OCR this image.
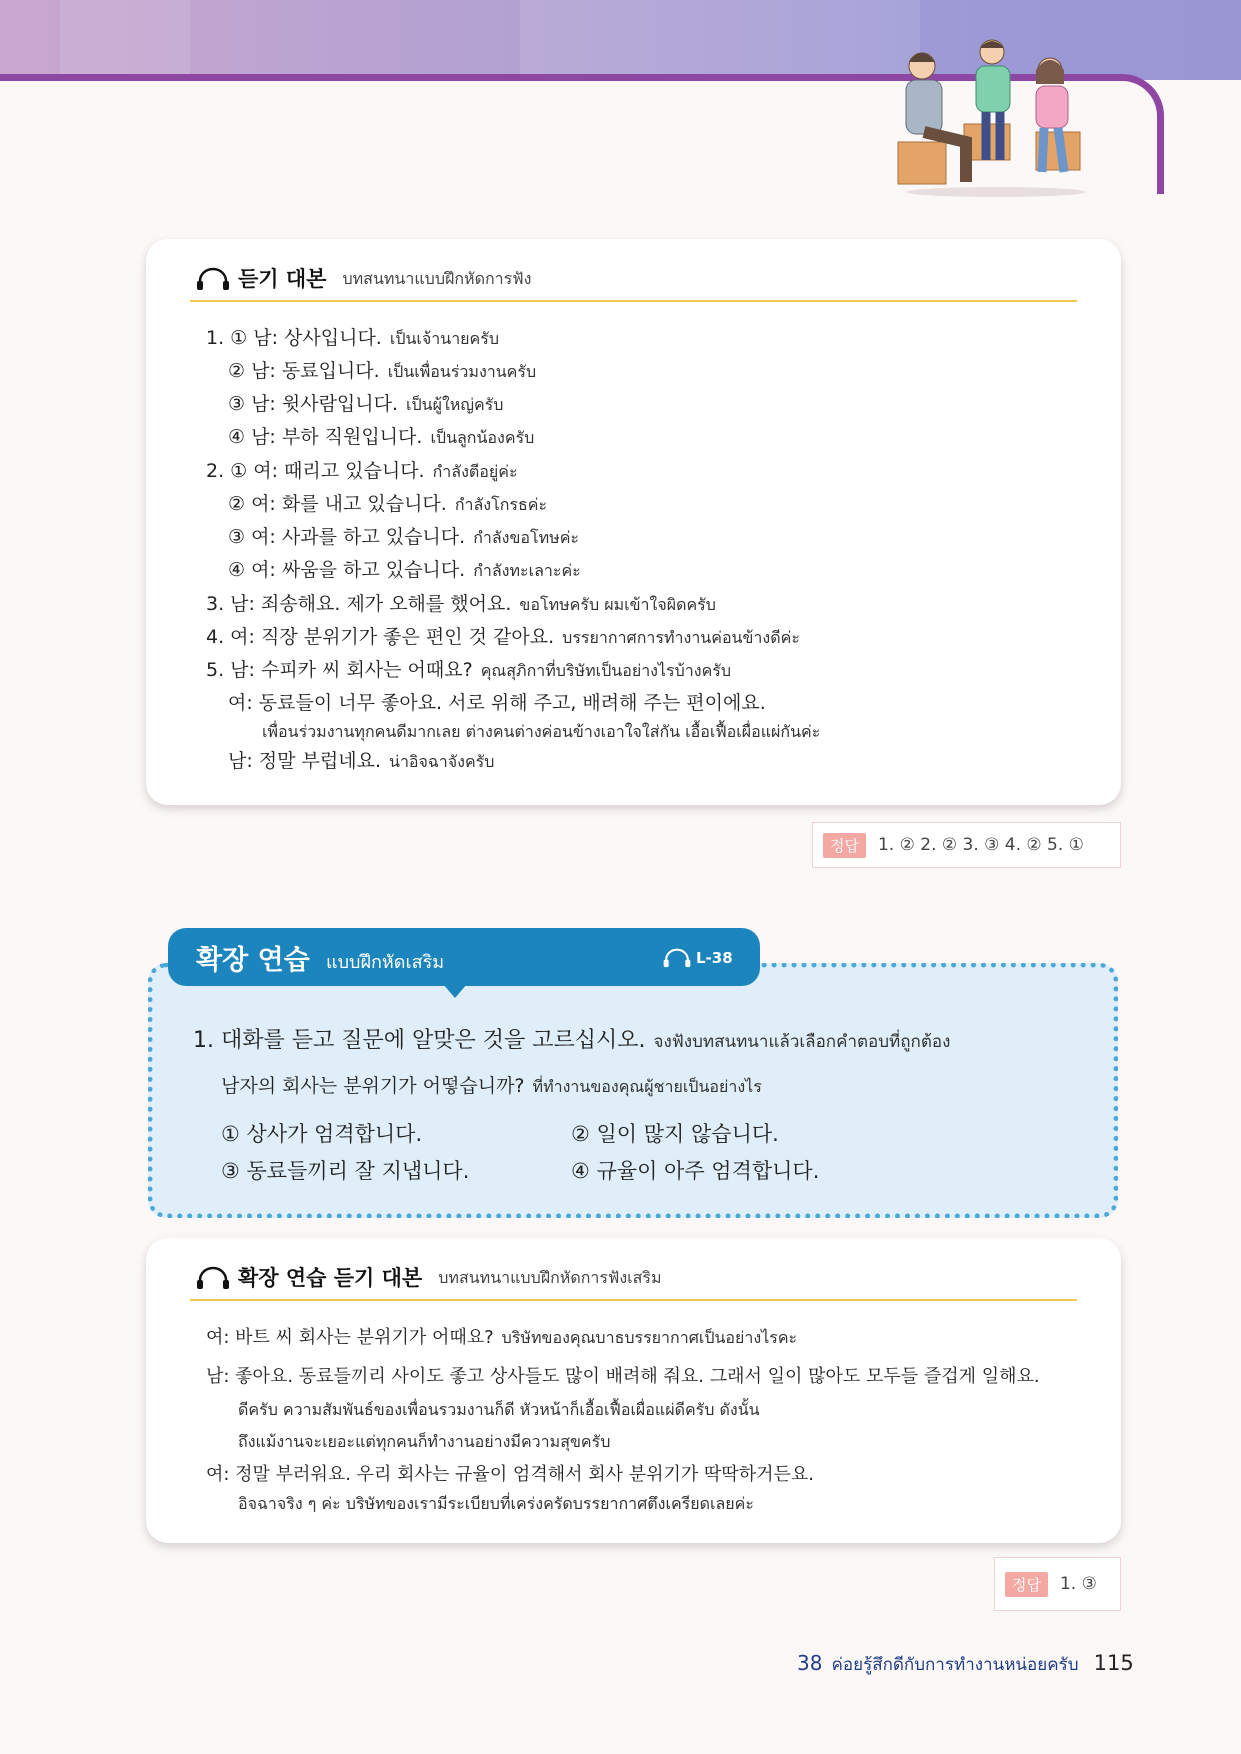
듣기 대본 บทสนทนาแบบฝึกหัดการฟัง
1. ① 남: 상사입니다. เป็นเจ้านายครับ
② 남: 동료입니다. เป็นเพื่อนร่วมงานครับ
③ 남: 윗사람입니다. เป็นผู้ใหญ่ครับ
④ 남: 부하 직원입니다. เป็นลูกน้องครับ
2. ① 여: 때리고 있습니다. กำลังตีอยู่ค่ะ
② 여: 화를 내고 있습니다. กำลังโกรธค่ะ
③ 여: 사과를 하고 있습니다. กำลังขอโทษค่ะ
④ 여: 싸움을 하고 있습니다. กำลังทะเลาะค่ะ
3. 남: 죄송해요. 제가 오해를 했어요. ขอโทษครับ ผมเข้าใจผิดครับ
4. 여: 직장 분위기가 좋은 편인 것 같아요. บรรยากาศการทำงานค่อนข้างดีค่ะ
5. 남: 수피카 씨 회사는 어때요? คุณสุภิกาที่บริษัทเป็นอย่างไรบ้างครับ
여: 동료들이 너무 좋아요. 서로 위해 주고, 배려해 주는 편이에요.
เพื่อนร่วมงานทุกคนดีมากเลย ต่างคนต่างค่อนข้างเอาใจใส่กัน เอื้อเฟื้อเผื่อแผ่กันค่ะ
남: 정말 부럽네요. น่าอิจฉาจังครับ
정답	1. ② 2. ② 3. ③ 4. ② 5. ①
1. 대화를 듣고 질문에 알맞은 것을 고르십시오. จงฟังบทสนทนาแล้วเลือกคำตอบที่ถูกต้อง
남자의 회사는 분위기가 어떻습니까? ที่ทำงานของคุณผู้ชายเป็นอย่างไร
① 상사가 엄격합니다.	② 일이 많지 않습니다.
③ 동료들끼리 잘 지냅니다.	④ 규율이 아주 엄격합니다.
확장 연습 แบบฝึกหัดเสริม	L-38
확장 연습 듣기 대본 บทสนทนาแบบฝึกหัดการฟังเสริม
여: 바트 씨 회사는 분위기가 어때요? บริษัทของคุณบาธบรรยากาศเป็นอย่างไรคะ
남: 좋아요. 동료들끼리 사이도 좋고 상사들도 많이 배려해 줘요. 그래서 일이 많아도 모두들 즐겁게 일해요.
ดีครับ ความสัมพันธ์ของเพื่อนรวมงานก็ดี หัวหน้าก็เอื้อเฟื้อเผื่อแผ่ดีครับ ดังนั้น
ถึงแม้งานจะเยอะแต่ทุกคนก็ทำงานอย่างมีความสุขครับ
여: 정말 부러워요. 우리 회사는 규율이 엄격해서 회사 분위기가 딱딱하거든요.
อิจฉาจริง ๆ ค่ะ บริษัทของเรามีระเบียบที่เคร่งครัดบรรยากาศตึงเครียดเลยค่ะ
정답	1. ③
38 ค่อยรู้สึกดีกับการทำงานหน่อยครับ 115
